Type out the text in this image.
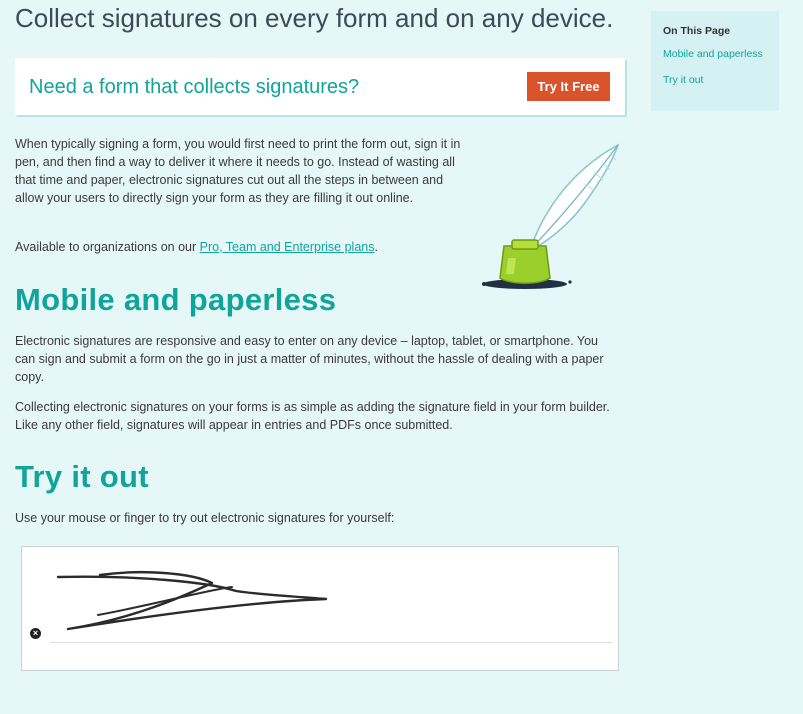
Collect signatures on every form and on any device.
Need a form that collects signatures?	Try It Free

When typically signing a form, you would first need to print the form out, sign it in pen, and then find a way to deliver it where it needs to go. Instead of wasting all that time and paper, electronic signatures cut out all the steps in between and allow your users to directly sign your form as they are filling it out online.

Available to organizations on our Pro, Team and Enterprise plans.

Mobile and paperless

Electronic signatures are responsive and easy to enter on any device – laptop, tablet, or smartphone. You can sign and submit a form on the go in just a matter of minutes, without the hassle of dealing with a paper copy.

Collecting electronic signatures on your forms is as simple as adding the signature field in your form builder. Like any other field, signatures will appear in entries and PDFs once submitted.

Try it out

Use your mouse or finger to try out electronic signatures for yourself:

×

On This Page

Mobile and paperless
Try it out
